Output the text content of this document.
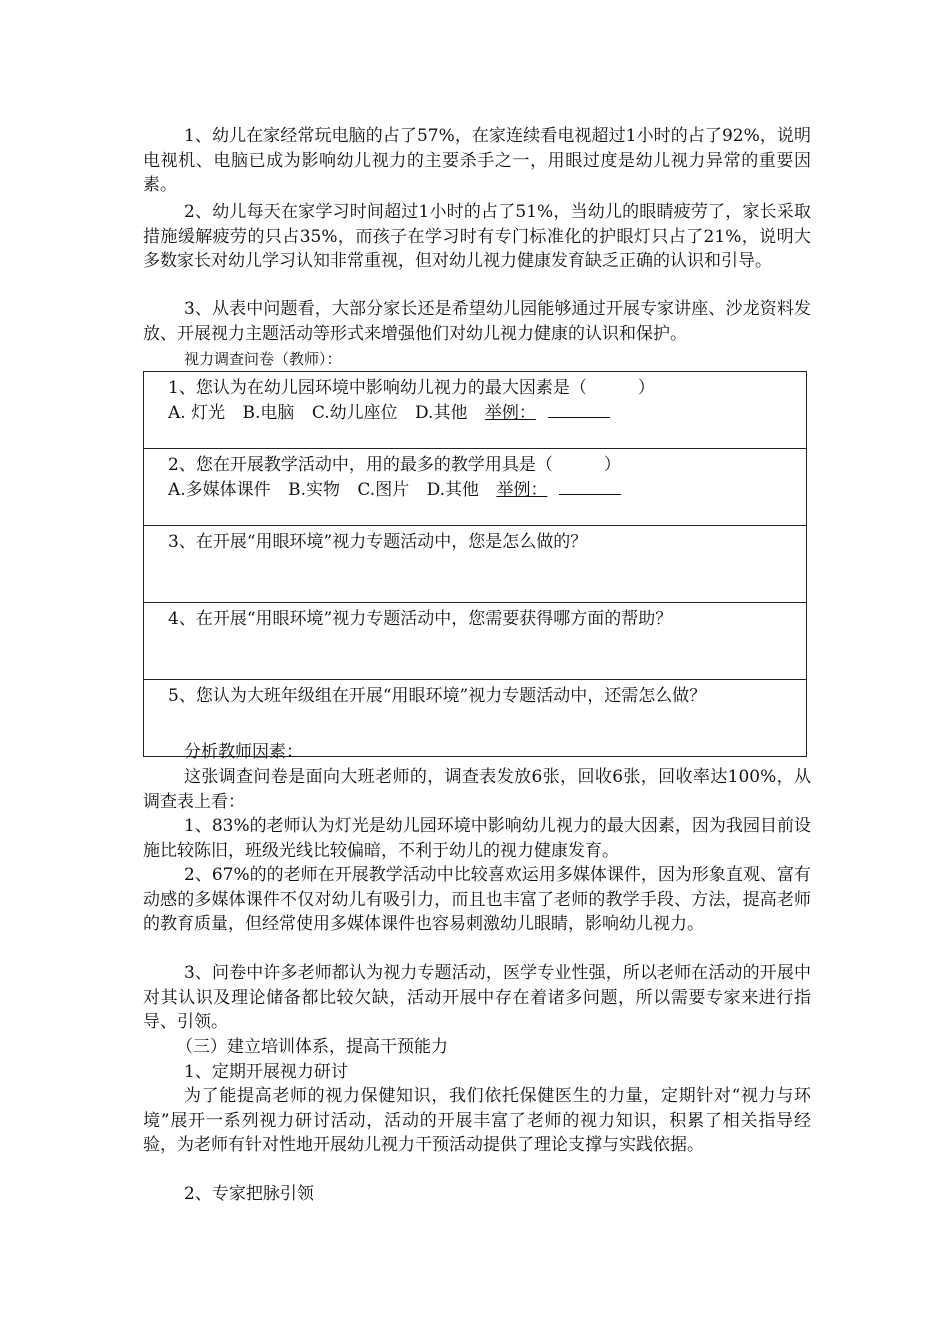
1、幼儿在家经常玩电脑的占了57%，在家连续看电视超过1小时的占了92%，说明电视机、电脑已成为影响幼儿视力的主要杀手之一，用眼过度是幼儿视力异常的重要因素。

2、幼儿每天在家学习时间超过1小时的占了51%，当幼儿的眼睛疲劳了，家长采取措施缓解疲劳的只占35%，而孩子在学习时有专门标准化的护眼灯只占了21%，说明大多数家长对幼儿学习认知非常重视，但对幼儿视力健康发育缺乏正确的认识和引导。

3、从表中问题看，大部分家长还是希望幼儿园能够通过开展专家讲座、沙龙资料发放、开展视力主题活动等形式来增强他们对幼儿视力健康的认识和保护。

视力调查问卷（教师）：
1、您认为在幼儿园环境中影响幼儿视力的最大因素是（　　　）
A. 灯光 B.电脑 C.幼儿座位 D.其他 举例：

2、您在开展教学活动中，用的最多的教学用具是（　　　）
A.多媒体课件 B.实物 C.图片 D.其他 举例：

3、在开展“用眼环境”视力专题活动中，您是怎么做的？

4、在开展“用眼环境”视力专题活动中，您需要获得哪方面的帮助？

5、您认为大班年级组在开展“用眼环境”视力专题活动中，还需怎么做？

分析教师因素：

这张调查问卷是面向大班老师的，调查表发放6张，回收6张，回收率达100%，从调查表上看：

1、83%的老师认为灯光是幼儿园环境中影响幼儿视力的最大因素，因为我园目前设施比较陈旧，班级光线比较偏暗，不利于幼儿的视力健康发育。

2、67%的的老师在开展教学活动中比较喜欢运用多媒体课件，因为形象直观、富有动感的多媒体课件不仅对幼儿有吸引力，而且也丰富了老师的教学手段、方法，提高老师的教育质量，但经常使用多媒体课件也容易刺激幼儿眼睛，影响幼儿视力。

3、问卷中许多老师都认为视力专题活动，医学专业性强，所以老师在活动的开展中对其认识及理论储备都比较欠缺，活动开展中存在着诸多问题，所以需要专家来进行指导、引领。

（三）建立培训体系，提高干预能力

1、定期开展视力研讨

为了能提高老师的视力保健知识，我们依托保健医生的力量，定期针对“视力与环境”展开一系列视力研讨活动，活动的开展丰富了老师的视力知识，积累了相关指导经验，为老师有针对性地开展幼儿视力干预活动提供了理论支撑与实践依据。

2、专家把脉引领
